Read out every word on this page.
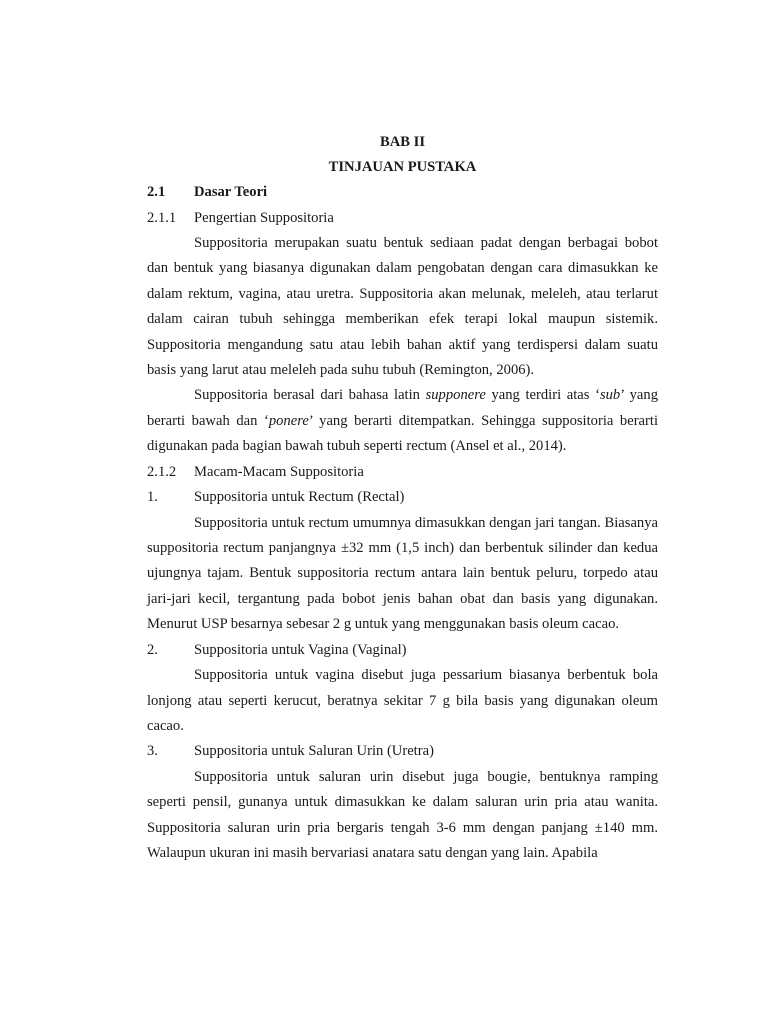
BAB II
TINJAUAN PUSTAKA
2.1	Dasar Teori
2.1.1	Pengertian Suppositoria

Suppositoria merupakan suatu bentuk sediaan padat dengan berbagai bobot dan bentuk yang biasanya digunakan dalam pengobatan dengan cara dimasukkan ke dalam rektum, vagina, atau uretra. Suppositoria akan melunak, meleleh, atau terlarut dalam cairan tubuh sehingga memberikan efek terapi lokal maupun sistemik. Suppositoria mengandung satu atau lebih bahan aktif yang terdispersi dalam suatu basis yang larut atau meleleh pada suhu tubuh (Remington, 2006).

Suppositoria berasal dari bahasa latin supponere yang terdiri atas ‘sub’ yang berarti bawah dan ‘ponere’ yang berarti ditempatkan. Sehingga suppositoria berarti digunakan pada bagian bawah tubuh seperti rectum (Ansel et al., 2014).

2.1.2	Macam-Macam Suppositoria
1.	Suppositoria untuk Rectum (Rectal)

Suppositoria untuk rectum umumnya dimasukkan dengan jari tangan. Biasanya suppositoria rectum panjangnya ±32 mm (1,5 inch) dan berbentuk silinder dan kedua ujungnya tajam. Bentuk suppositoria rectum antara lain bentuk peluru, torpedo atau jari-jari kecil, tergantung pada bobot jenis bahan obat dan basis yang digunakan. Menurut USP besarnya sebesar 2 g untuk yang menggunakan basis oleum cacao.

2.	Suppositoria untuk Vagina (Vaginal)

Suppositoria untuk vagina disebut juga pessarium biasanya berbentuk bola lonjong atau seperti kerucut, beratnya sekitar 7 g bila basis yang digunakan oleum cacao.

3.	Suppositoria untuk Saluran Urin (Uretra)

Suppositoria untuk saluran urin disebut juga bougie, bentuknya ramping seperti pensil, gunanya untuk dimasukkan ke dalam saluran urin pria atau wanita. Suppositoria saluran urin pria bergaris tengah 3-6 mm dengan panjang ±140 mm. Walaupun ukuran ini masih bervariasi anatara satu dengan yang lain. Apabila
